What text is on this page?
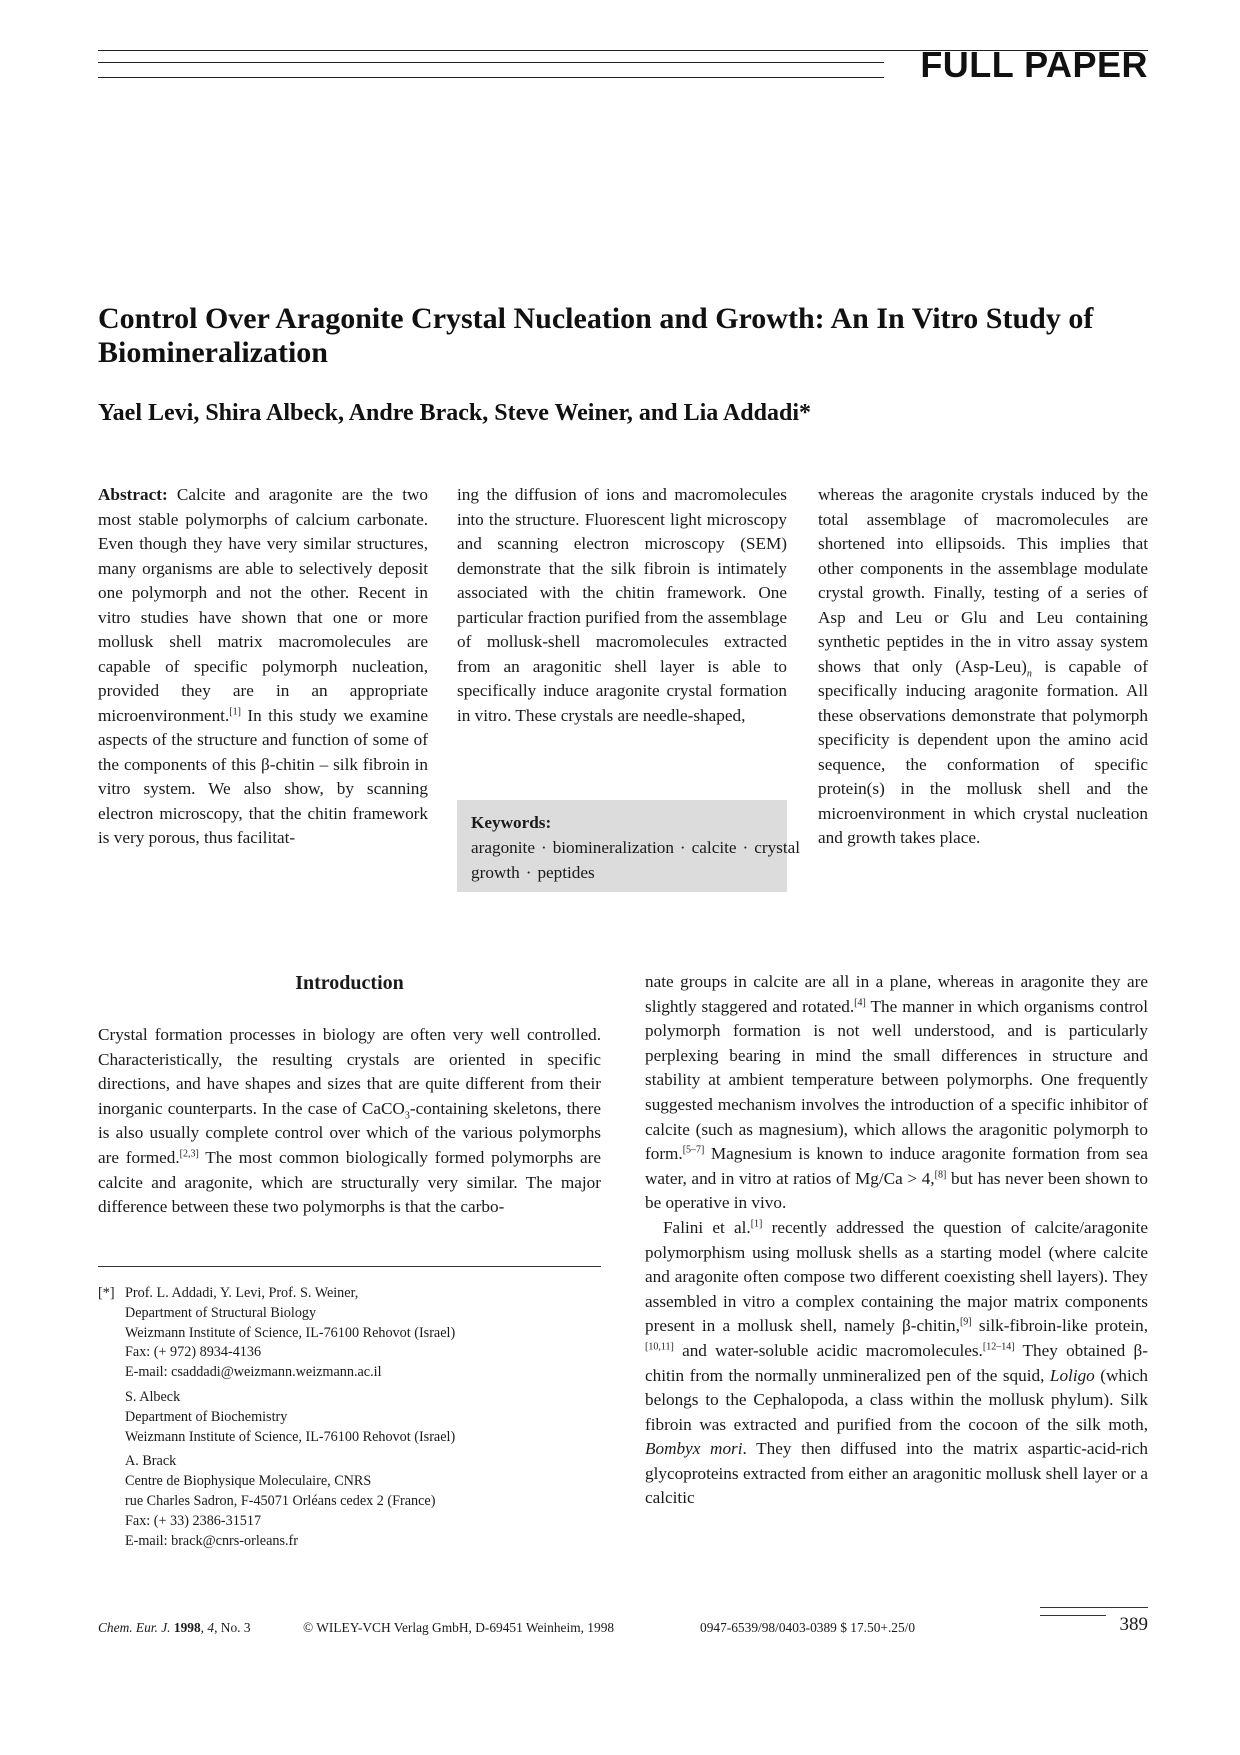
FULL PAPER
Control Over Aragonite Crystal Nucleation and Growth: An In Vitro Study of Biomineralization
Yael Levi, Shira Albeck, Andre Brack, Steve Weiner, and Lia Addadi*
Abstract: Calcite and aragonite are the two most stable polymorphs of calcium carbonate. Even though they have very similar structures, many organisms are able to selectively deposit one polymorph and not the other. Recent in vitro studies have shown that one or more mollusk shell matrix macromolecules are capable of specific polymorph nucleation, provided they are in an appropriate microenvironment.[1] In this study we examine aspects of the structure and function of some of the components of this β-chitin – silk fibroin in vitro system. We also show, by scanning electron microscopy, that the chitin framework is very porous, thus facilitat-
ing the diffusion of ions and macromolecules into the structure. Fluorescent light microscopy and scanning electron microscopy (SEM) demonstrate that the silk fibroin is intimately associated with the chitin framework. One particular fraction purified from the assemblage of mollusk-shell macromolecules extracted from an aragonitic shell layer is able to specifically induce aragonite crystal formation in vitro. These crystals are needle-shaped,
Keywords: aragonite · biomineralization · calcite · crystal growth · peptides
whereas the aragonite crystals induced by the total assemblage of macromolecules are shortened into ellipsoids. This implies that other components in the assemblage modulate crystal growth. Finally, testing of a series of Asp and Leu or Glu and Leu containing synthetic peptides in the in vitro assay system shows that only $(Asp-Leu)_n$ is capable of specifically inducing aragonite formation. All these observations demonstrate that polymorph specificity is dependent upon the amino acid sequence, the conformation of specific protein(s) in the mollusk shell and the microenvironment in which crystal nucleation and growth takes place.
Introduction

Crystal formation processes in biology are often very well controlled. Characteristically, the resulting crystals are oriented in specific directions, and have shapes and sizes that are quite different from their inorganic counterparts. In the case of CaCO$_3$-containing skeletons, there is also usually complete control over which of the various polymorphs are formed.[2,3] The most common biologically formed polymorphs are calcite and aragonite, which are structurally very similar. The major difference between these two polymorphs is that the carbo-

[*] Prof. L. Addadi, Y. Levi, Prof. S. Weiner,
Department of Structural Biology
Weizmann Institute of Science, IL-76100 Rehovot (Israel)
Fax: (+ 972) 8934-4136
E-mail: csaddadi@weizmann.weizmann.ac.il
S. Albeck
Department of Biochemistry
Weizmann Institute of Science, IL-76100 Rehovot (Israel)
A. Brack
Centre de Biophysique Moleculaire, CNRS
rue Charles Sadron, F-45071 Orléans cedex 2 (France)
Fax: (+ 33) 2386-31517
E-mail: brack@cnrs-orleans.fr

nate groups in calcite are all in a plane, whereas in aragonite they are slightly staggered and rotated.[4] The manner in which organisms control polymorph formation is not well understood, and is particularly perplexing bearing in mind the small differences in structure and stability at ambient temperature between polymorphs. One frequently suggested mechanism involves the introduction of a specific inhibitor of calcite (such as magnesium), which allows the aragonitic polymorph to form.[5–7] Magnesium is known to induce aragonite formation from sea water, and in vitro at ratios of Mg/Ca > 4,[8] but has never been shown to be operative in vivo.

Falini et al.[1] recently addressed the question of calcite/aragonite polymorphism using mollusk shells as a starting model (where calcite and aragonite often compose two different coexisting shell layers). They assembled in vitro a complex containing the major matrix components present in a mollusk shell, namely β-chitin,[9] silk-fibroin-like protein,[10,11] and water-soluble acidic macromolecules.[12–14] They obtained β-chitin from the normally unmineralized pen of the squid, Loligo (which belongs to the Cephalopoda, a class within the mollusk phylum). Silk fibroin was extracted and purified from the cocoon of the silk moth, Bombyx mori. They then diffused into the matrix aspartic-acid-rich glycoproteins extracted from either an aragonitic mollusk shell layer or a calcitic

Chem. Eur. J. 1998, 4, No. 3	© WILEY-VCH Verlag GmbH, D-69451 Weinheim, 1998	0947-6539/98/0403-0389 $ 17.50+.25/0	389
